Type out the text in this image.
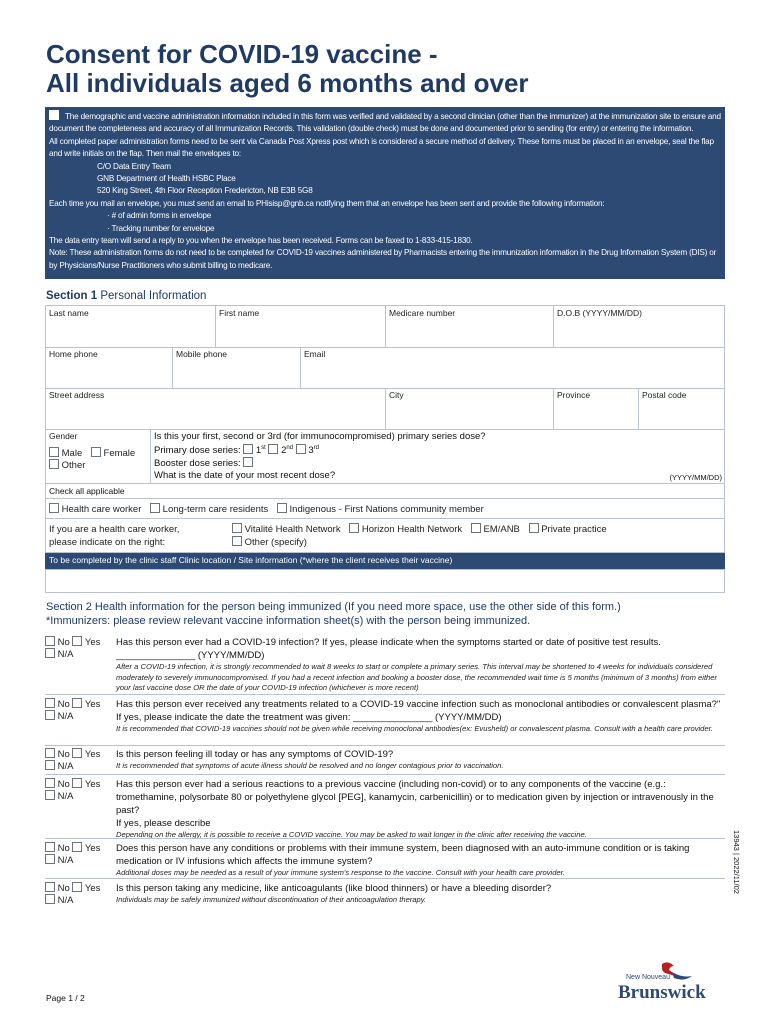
Consent for COVID-19 vaccine -
All individuals aged 6 months and over
The demographic and vaccine administration information included in this form was verified and validated by a second clinician (other than the immunizer) at the immunization site to ensure and document the completeness and accuracy of all Immunization Records. This validation (double check) must be done and documented prior to sending (for entry) or entering the information.
All completed paper administration forms need to be sent via Canada Post Xpress post which is considered a secure method of delivery. These forms must be placed in an envelope, seal the flap and write initials on the flap. Then mail the envelopes to:
C/O Data Entry Team
GNB Department of Health HSBC Place
520 King Street, 4th Floor Reception Fredericton, NB E3B 5G8
Each time you mail an envelope, you must send an email to PHisisp@gnb.ca notifying them that an envelope has been sent and provide the following information:
· # of admin forms in envelope
· Tracking number for envelope
The data entry team will send a reply to you when the envelope has been received. Forms can be faxed to 1-833-415-1830.
Note: These administration forms do not need to be completed for COVID-19 vaccines administered by Pharmacists entering the immunization information in the Drug Information System (DIS) or by Physicians/Nurse Practitioners who submit billing to medicare.
Section 1 Personal Information
Last name	First name	Medicare number	D.O.B (YYYY/MM/DD)
Home phone	Mobile phone	Email
Street address	City	Province	Postal code
Gender
Male Female
Other
Is this your first, second or 3rd (for immunocompromised) primary series dose?
Primary dose series: 1st 2nd 3rd
Booster dose series:
What is the date of your most recent dose?	(YYYY/MM/DD)
Check all applicable
Health care worker Long-term care residents Indigenous - First Nations community member
If you are a health care worker,
please indicate on the right:
Vitalité Health Network Horizon Health Network EM/ANB Private practice
Other (specify)
To be completed by the clinic staff Clinic location / Site information (*where the client receives their vaccine)
Section 2 Health information for the person being immunized (If you need more space, use the other side of this form.)
*Immunizers: please review relevant vaccine information sheet(s) with the person being immunized.
No Yes
N/A
Has this person ever had a COVID-19 infection? If yes, please indicate when the symptoms started or date of positive test results.
_______________ (YYYY/MM/DD)
After a COVID-19 infection, it is strongly recommended to wait 8 weeks to start or complete a primary series. This interval may be shortened to 4 weeks for individuals considered moderately to severely immunocompromised. If you had a recent infection and booking a booster dose, the recommended wait time is 5 months (minimum of 3 months) from either your last vaccine dose OR the date of your COVID-19 infection (whichever is more recent)
No Yes
N/A
Has this person ever received any treatments related to a COVID-19 vaccine infection such as monoclonal antibodies or convalescent plasma?" If yes, please indicate the date the treatment was given: _______________ (YYYY/MM/DD)
It is recommended that COVID-19 vaccines should not be given while receiving monoclonal antibodies(ex: Evusheld) or convalescent plasma. Consult with a health care provider.
No Yes
N/A
Is this person feeling ill today or has any symptoms of COVID-19?
It is recommended that symptoms of acute illness should be resolved and no longer contagious prior to vaccination.
No Yes
N/A
Has this person ever had a serious reactions to a previous vaccine (including non-covid) or to any components of the vaccine (e.g.: tromethamine, polysorbate 80 or polyethylene glycol [PEG], kanamycin, carbenicillin) or to medication given by injection or intravenously in the past?
If yes, please describe
Depending on the allergy, it is possible to receive a COVID vaccine. You may be asked to wait longer in the clinic after receiving the vaccine.
No Yes
N/A
Does this person have any conditions or problems with their immune system, been diagnosed with an auto-immune condition or is taking medication or IV infusions which affects the immune system?
Additional doses may be needed as a result of your immune system's response to the vaccine. Consult with your health care provider.
No Yes
N/A
Is this person taking any medicine, like anticoagulants (like blood thinners) or have a bleeding disorder?
Individuals may be safely immunized without discontinuation of their anticoagulation therapy.
13943 | 2022/11/02
Page 1 / 2
New Nouveau
Brunswick
